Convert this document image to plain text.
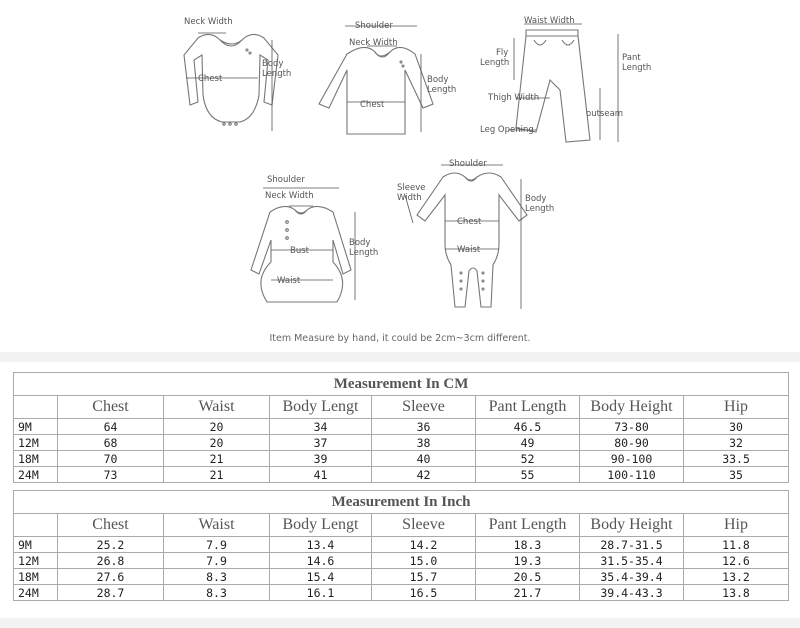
Neck Width
Chest
Body Length
Shoulder
Neck Width
Chest
Body Length
Waist Width
Fly Length	Pant Length
Thigh Width
outseam
Leg Opening
Shoulder
Neck Width
Bust
Waist
Body Length
Shoulder
Sleeve Width
Chest
Waist
Body Length
Item Measure by hand, it could be 2cm~3cm different.
Measurement In CM							
	Chest	Waist	Body Lengt	Sleeve	Pant Length	Body Height	Hip
9M	64	20	34	36	46.5	73-80	30
12M	68	20	37	38	49	80-90	32
18M	70	21	39	40	52	90-100	33.5
24M	73	21	41	42	55	100-110	35
Measurement In Inch							
	Chest	Waist	Body Lengt	Sleeve	Pant Length	Body Height	Hip
9M	25.2	7.9	13.4	14.2	18.3	28.7-31.5	11.8
12M	26.8	7.9	14.6	15.0	19.3	31.5-35.4	12.6
18M	27.6	8.3	15.4	15.7	20.5	35.4-39.4	13.2
24M	28.7	8.3	16.1	16.5	21.7	39.4-43.3	13.8
